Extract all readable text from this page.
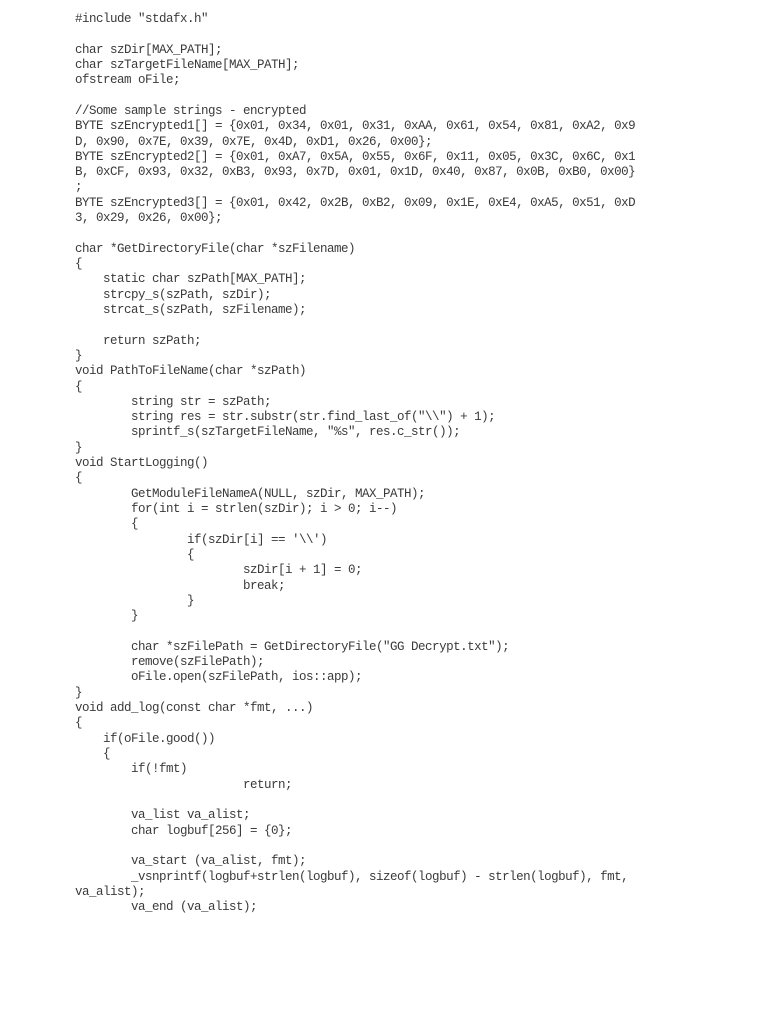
#include "stdafx.h"
char szDir[MAX_PATH];
char szTargetFileName[MAX_PATH];
ofstream oFile;
//Some sample strings - encrypted
BYTE szEncrypted1[] = {0x01, 0x34, 0x01, 0x31, 0xAA, 0x61, 0x54, 0x81, 0xA2, 0x9
D, 0x90, 0x7E, 0x39, 0x7E, 0x4D, 0xD1, 0x26, 0x00};
BYTE szEncrypted2[] = {0x01, 0xA7, 0x5A, 0x55, 0x6F, 0x11, 0x05, 0x3C, 0x6C, 0x1
B, 0xCF, 0x93, 0x32, 0xB3, 0x93, 0x7D, 0x01, 0x1D, 0x40, 0x87, 0x0B, 0xB0, 0x00}
;
BYTE szEncrypted3[] = {0x01, 0x42, 0x2B, 0xB2, 0x09, 0x1E, 0xE4, 0xA5, 0x51, 0xD
3, 0x29, 0x26, 0x00};
char *GetDirectoryFile(char *szFilename)
{
static char szPath[MAX_PATH];
strcpy_s(szPath, szDir);
strcat_s(szPath, szFilename);
return szPath;
}
void PathToFileName(char *szPath)
{
string str = szPath;
string res = str.substr(str.find_last_of("\\") + 1);
sprintf_s(szTargetFileName, "%s", res.c_str());
}
void StartLogging()
{
GetModuleFileNameA(NULL, szDir, MAX_PATH);
for(int i = strlen(szDir); i > 0; i--)
{
if(szDir[i] == '\\')
{
szDir[i + 1] = 0;
break;
}
}
char *szFilePath = GetDirectoryFile("GG Decrypt.txt");
remove(szFilePath);
oFile.open(szFilePath, ios::app);
}
void add_log(const char *fmt, ...)
{
if(oFile.good())
{
if(!fmt)
return;
va_list va_alist;
char logbuf[256] = {0};
va_start (va_alist, fmt);
_vsnprintf(logbuf+strlen(logbuf), sizeof(logbuf) - strlen(logbuf), fmt,
va_alist);
va_end (va_alist);
